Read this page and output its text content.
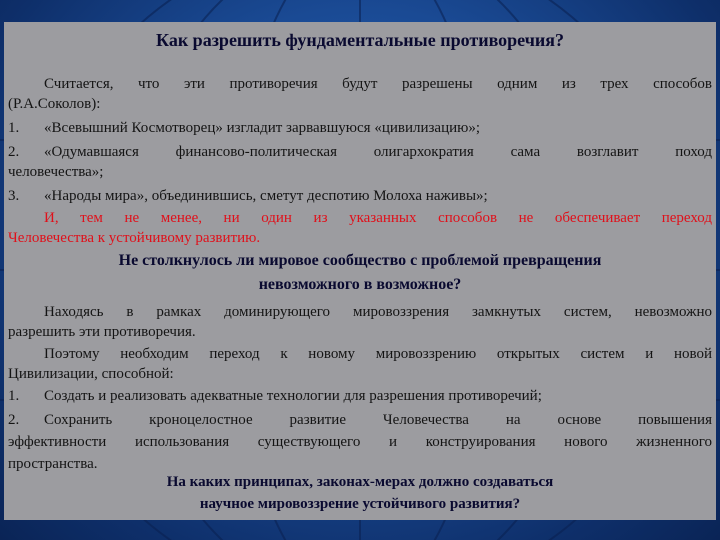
Как разрешить фундаментальные противоречия?
Считается, что эти противоречия будут разрешены одним из трех способов
(Р.А.Соколов):
1. «Всевышний Космотворец» изгладит зарвавшуюся «цивилизацию»;
2. «Одумавшаяся финансово-политическая олигархократия сама возглавит поход
человечества»;
3. «Народы мира», объединившись, сметут деспотию Молоха наживы»;
И, тем не менее, ни один из указанных способов не обеспечивает переход
Человечества к устойчивому развитию.
Не столкнулось ли мировое сообщество с проблемой превращения
невозможного в возможное?
Находясь в рамках доминирующего мировоззрения замкнутых систем, невозможно
разрешить эти противоречия.
Поэтому необходим переход к новому мировоззрению открытых систем и новой
Цивилизации, способной:
1. Создать и реализовать адекватные технологии для разрешения противоречий;
2. Сохранить кроноцелостное развитие Человечества на основе повышения
эффективности использования существующего и конструирования нового жизненного
пространства.
На каких принципах, законах-мерах должно создаваться
научное мировоззрение устойчивого развития?
